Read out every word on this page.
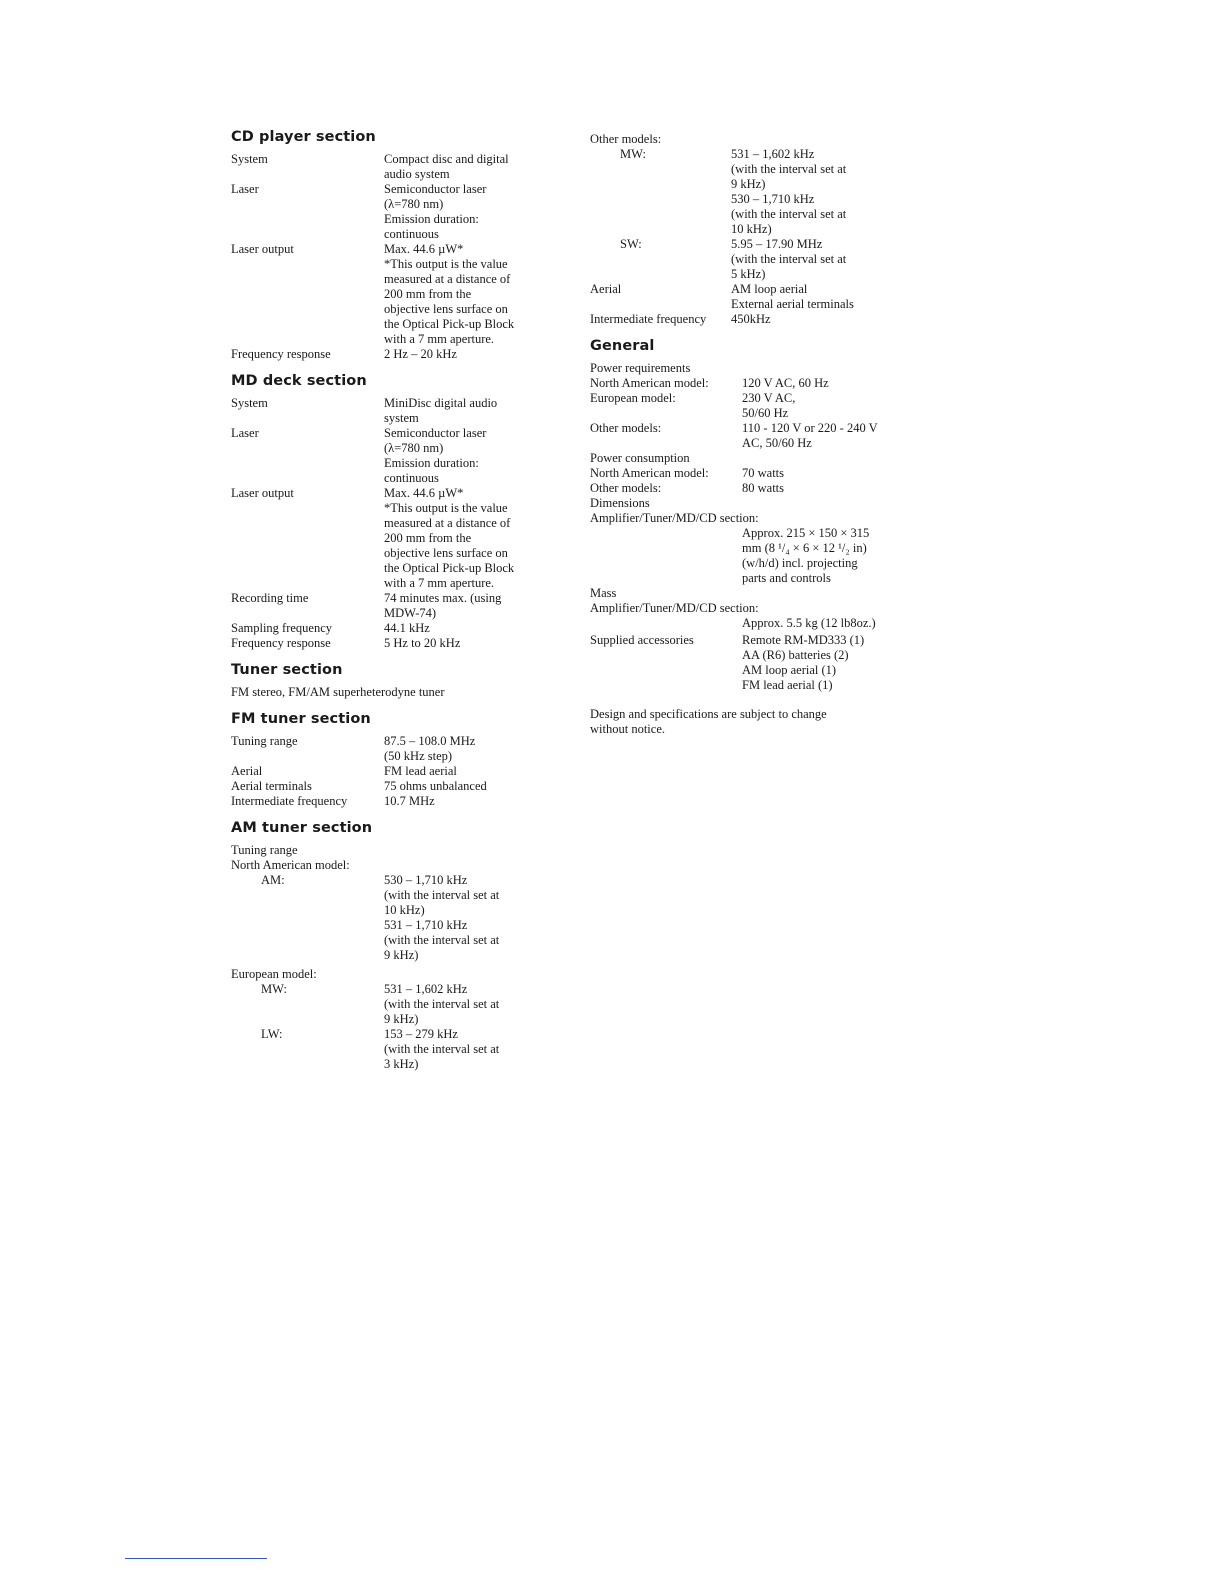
CD player section
System	Compact disc and digital
audio system
Laser	Semiconductor laser
(λ=780 nm)
Emission duration:
continuous
Laser output	Max. 44.6 µW*
*This output is the value
measured at a distance of
200 mm from the
objective lens surface on
the Optical Pick-up Block
with a 7 mm aperture.
Frequency response	2 Hz – 20 kHz
MD deck section
System	MiniDisc digital audio
system
Laser	Semiconductor laser
(λ=780 nm)
Emission duration:
continuous
Laser output	Max. 44.6 µW*
*This output is the value
measured at a distance of
200 mm from the
objective lens surface on
the Optical Pick-up Block
with a 7 mm aperture.
Recording time	74 minutes max. (using
MDW-74)
Sampling frequency	44.1 kHz
Frequency response	5 Hz to 20 kHz
Tuner section
FM stereo, FM/AM superheterodyne tuner
FM tuner section
Tuning range	87.5 – 108.0 MHz
(50 kHz step)
Aerial	FM lead aerial
Aerial terminals	75 ohms unbalanced
Intermediate frequency	10.7 MHz
AM tuner section
Tuning range
North American model:
AM:	530 – 1,710 kHz
(with the interval set at
10 kHz)
531 – 1,710 kHz
(with the interval set at
9 kHz)
European model:
MW:	531 – 1,602 kHz
(with the interval set at
9 kHz)
LW:	153 – 279 kHz
(with the interval set at
3 kHz)
Other models:
MW:	531 – 1,602 kHz
(with the interval set at
9 kHz)
530 – 1,710 kHz
(with the interval set at
10 kHz)
SW:	5.95 – 17.90 MHz
(with the interval set at
5 kHz)
Aerial	AM loop aerial
External aerial terminals
Intermediate frequency	450kHz
General
Power requirements
North American model:	120 V AC, 60 Hz
European model:	230 V AC,
50/60 Hz
Other models:	110 - 120 V or 220 - 240 V
AC, 50/60 Hz
Power consumption
North American model:	70 watts
Other models:	80 watts
Dimensions
Amplifier/Tuner/MD/CD section:
Approx. 215 × 150 × 315
mm (8 ¹/₄ × 6 × 12 ¹/₂ in)
(w/h/d) incl. projecting
parts and controls
Mass
Amplifier/Tuner/MD/CD section:
Approx. 5.5 kg (12 lb8oz.)
Supplied accessories	Remote RM-MD333 (1)
AA (R6) batteries (2)
AM loop aerial (1)
FM lead aerial (1)
Design and specifications are subject to change
without notice.
